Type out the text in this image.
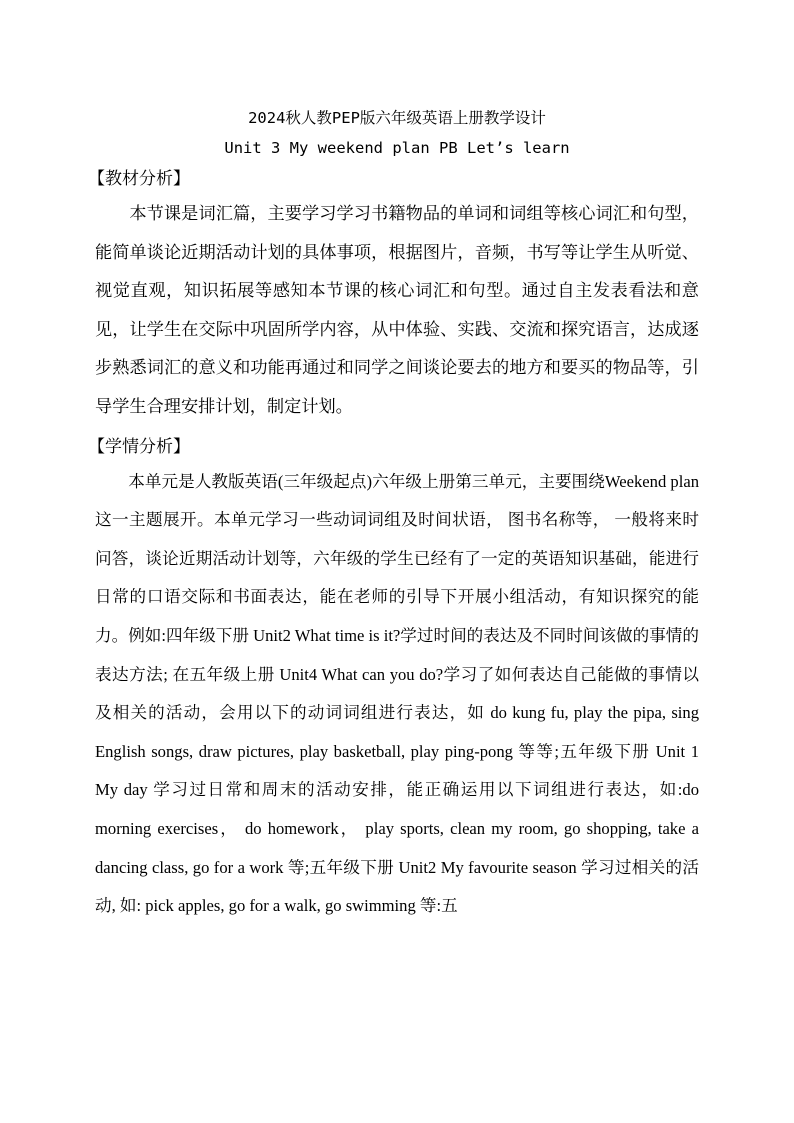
2024秋人教PEP版六年级英语上册教学设计

Unit 3 My weekend plan PB Let’s learn

【教材分析】

本节课是词汇篇，主要学习学习书籍物品的单词和词组等核心词汇和句型，能简单谈论近期活动计划的具体事项，根据图片，音频，书写等让学生从听觉、视觉直观，知识拓展等感知本节课的核心词汇和句型。通过自主发表看法和意见，让学生在交际中巩固所学内容，从中体验、实践、交流和探究语言，达成逐步熟悉词汇的意义和功能再通过和同学之间谈论要去的地方和要买的物品等，引导学生合理安排计划，制定计划。

【学情分析】

本单元是人教版英语(三年级起点)六年级上册第三单元，主要围绕Weekend plan 这一主题展开。本单元学习一些动词词组及时间状语， 图书名称等， 一般将来时问答，谈论近期活动计划等，六年级的学生已经有了一定的英语知识基础，能进行日常的口语交际和书面表达，能在老师的引导下开展小组活动，有知识探究的能力。例如:四年级下册 Unit2 What time is it?学过时间的表达及不同时间该做的事情的表达方法; 在五年级上册 Unit4 What can you do?学习了如何表达自己能做的事情以及相关的活动，会用以下的动词词组进行表达，如 do kung fu, play the pipa, sing English songs, draw pictures, play basketball, play ping-pong 等等;五年级下册 Unit 1 My day 学习过日常和周末的活动安排，能正确运用以下词组进行表达，如:do morning exercises， do homework， play sports, clean my room, go shopping, take a dancing class, go for a work 等;五年级下册 Unit2 My favourite season 学习过相关的活动, 如: pick apples, go for a walk, go swimming 等:五
